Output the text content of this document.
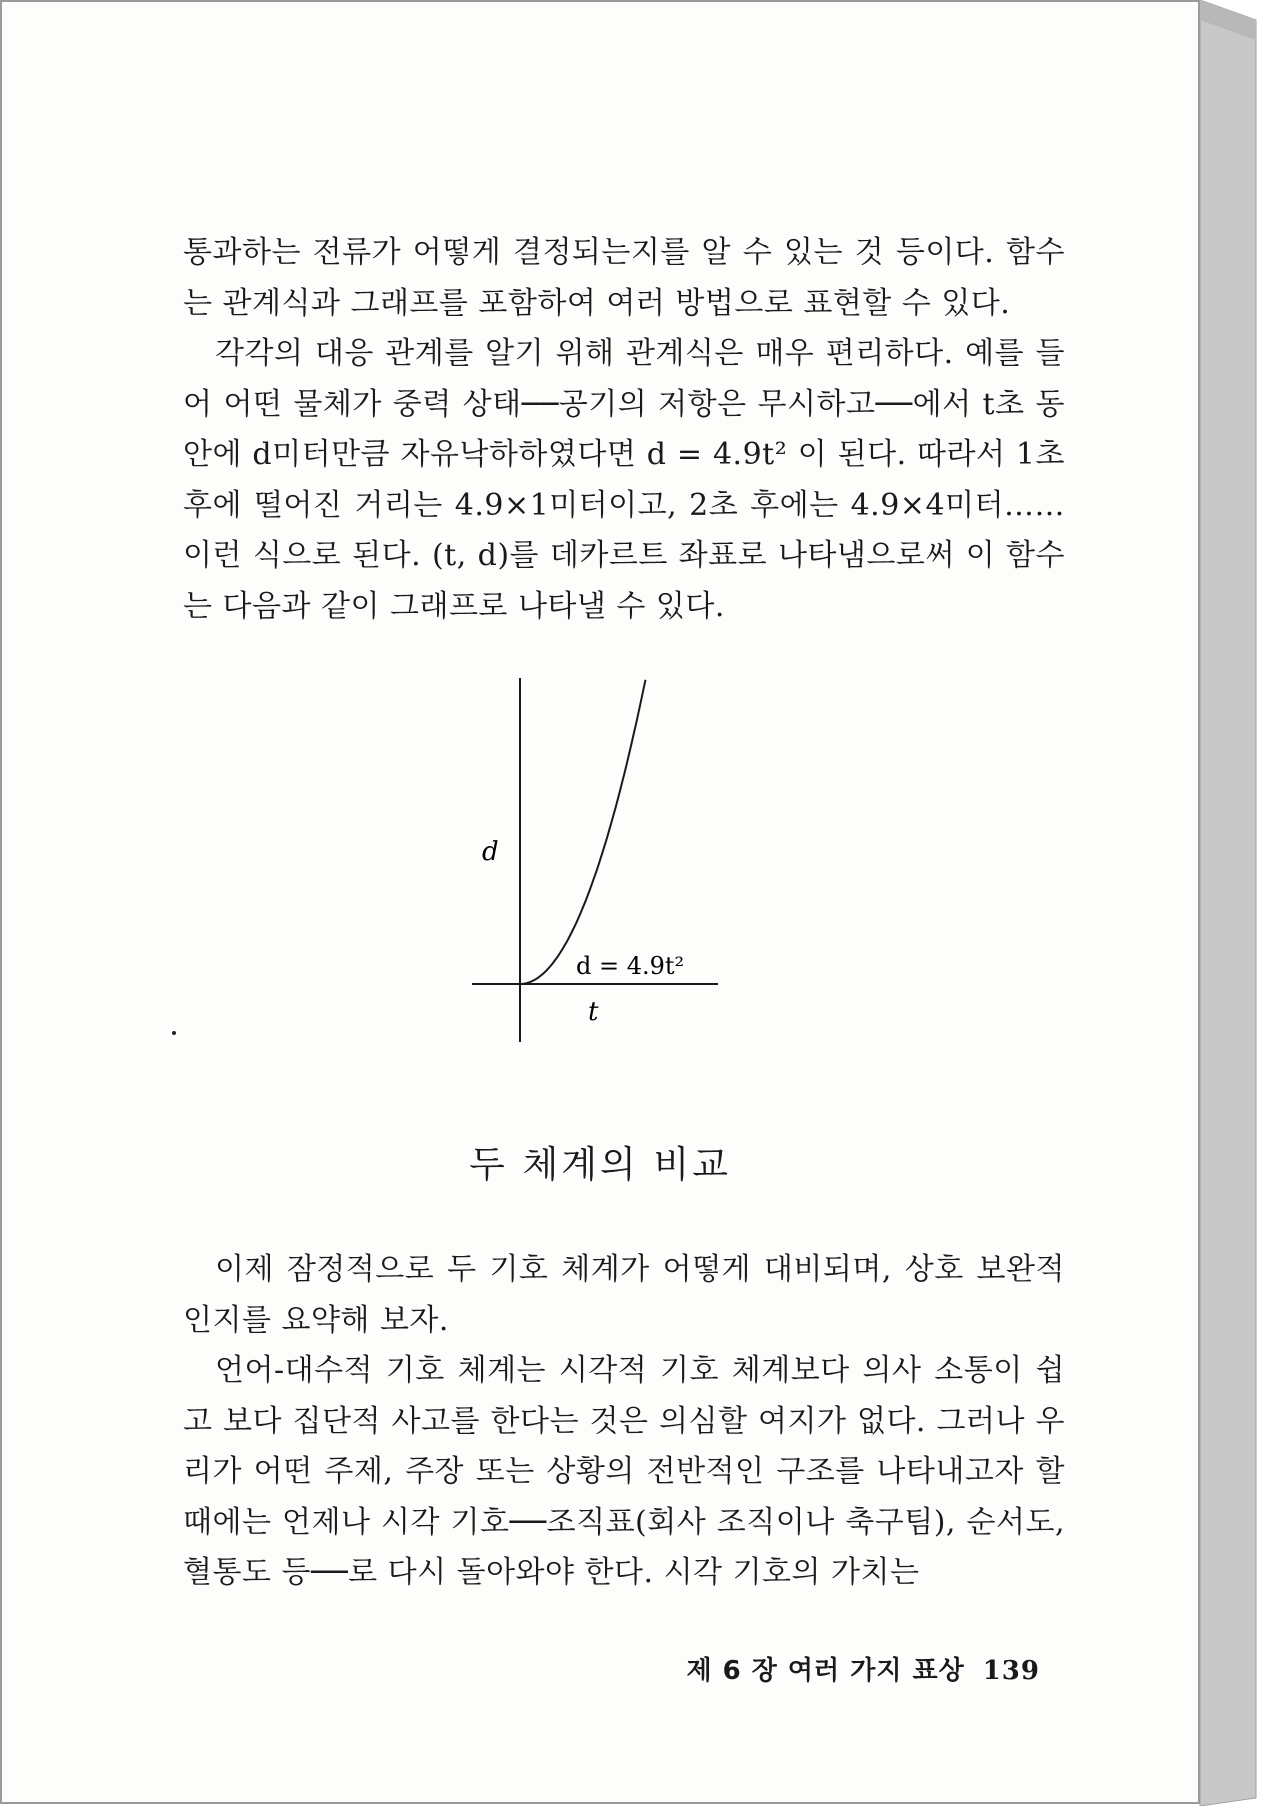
통과하는 전류가 어떻게 결정되는지를 알 수 있는 것 등이다. 함수는 관계식과 그래프를 포함하여 여러 방법으로 표현할 수 있다.

각각의 대응 관계를 알기 위해 관계식은 매우 편리하다. 예를 들어 어떤 물체가 중력 상태──공기의 저항은 무시하고──에서 t초 동안에 d미터만큼 자유낙하하였다면 d = 4.9t² 이 된다. 따라서 1초 후에 떨어진 거리는 4.9×1미터이고, 2초 후에는 4.9×4미터…… 이런 식으로 된다. (t, d)를 데카르트 좌표로 나타냄으로써 이 함수는 다음과 같이 그래프로 나타낼 수 있다.

d
t
d = 4.9t²
두 체계의 비교

이제 잠정적으로 두 기호 체계가 어떻게 대비되며, 상호 보완적 인지를 요약해 보자.

언어-대수적 기호 체계는 시각적 기호 체계보다 의사 소통이 쉽고 보다 집단적 사고를 한다는 것은 의심할 여지가 없다. 그러나 우리가 어떤 주제, 주장 또는 상황의 전반적인 구조를 나타내고자 할 때에는 언제나 시각 기호──조직표(회사 조직이나 축구팀), 순서도, 혈통도 등──로 다시 돌아와야 한다. 시각 기호의 가치는

제 6 장 여러 가지 표상 139
